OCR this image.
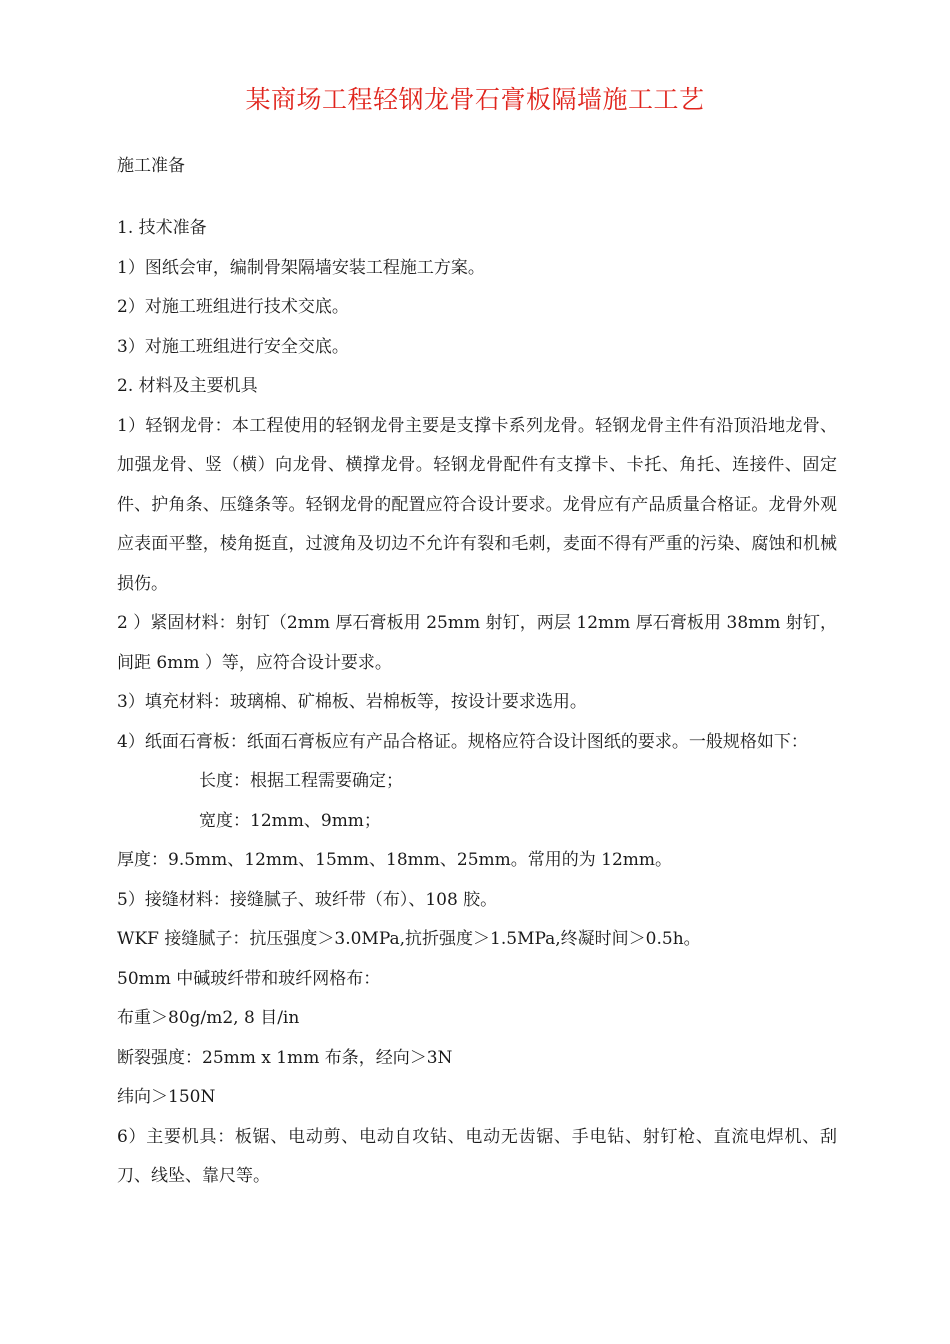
某商场工程轻钢龙骨石膏板隔墙施工工艺
施工准备

1. 技术准备

1）图纸会审，编制骨架隔墙安装工程施工方案。

2）对施工班组进行技术交底。

3）对施工班组进行安全交底。

2. 材料及主要机具

1）轻钢龙骨：本工程使用的轻钢龙骨主要是支撑卡系列龙骨。轻钢龙骨主件有沿顶沿地龙骨、加强龙骨、竖（横）向龙骨、横撑龙骨。轻钢龙骨配件有支撑卡、卡托、角托、连接件、固定件、护角条、压缝条等。轻钢龙骨的配置应符合设计要求。龙骨应有产品质量合格证。龙骨外观应表面平整，棱角挺直，过渡角及切边不允许有裂和毛刺，麦面不得有严重的污染、腐蚀和机械损伤。

2 ）紧固材料：射钉（2mm 厚石膏板用 25mm 射钉，两层 12mm 厚石膏板用 38mm 射钉，间距 6mm ）等，应符合设计要求。

3）填充材料：玻璃棉、矿棉板、岩棉板等，按设计要求选用。

4）纸面石膏板：纸面石膏板应有产品合格证。规格应符合设计图纸的要求。一般规格如下：

长度：根据工程需要确定；

宽度：12mm、9mm；

厚度：9.5mm、12mm、15mm、18mm、25mm。常用的为 12mm。

5）接缝材料：接缝腻子、玻纤带（布）、108 胶。

WKF 接缝腻子：抗压强度＞3.0MPa,抗折强度＞1.5MPa,终凝时间＞0.5h。

50mm 中碱玻纤带和玻纤网格布：

布重＞80g/m2, 8 目/in

断裂强度：25mm x 1mm 布条，经向＞3N

纬向＞150N

6）主要机具：板锯、电动剪、电动自攻钻、电动无齿锯、手电钻、射钉枪、直流电焊机、刮刀、线坠、靠尺等。
